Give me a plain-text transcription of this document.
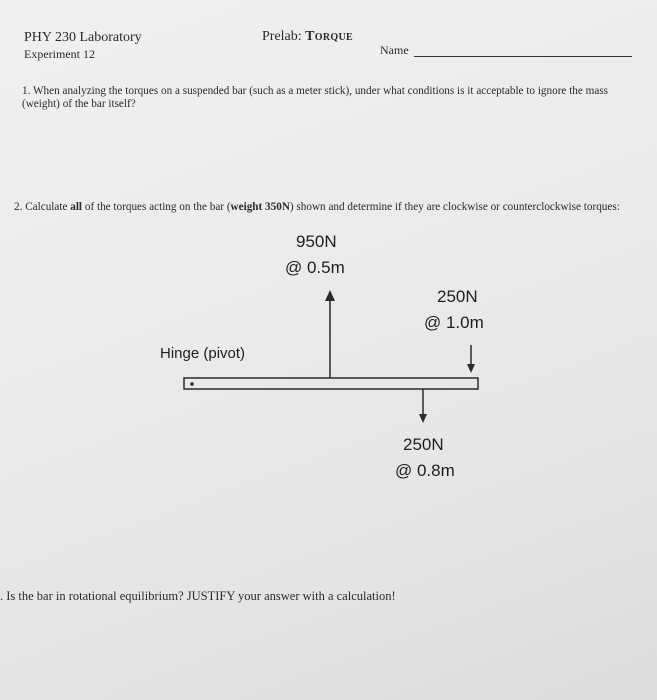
PHY 230 Laboratory
Experiment 12
Prelab: Torque
Name
1. When analyzing the torques on a suspended bar (such as a meter stick), under what conditions is it acceptable to ignore the mass (weight) of the bar itself?
2. Calculate all of the torques acting on the bar (weight 350N) shown and determine if they are clockwise or counterclockwise torques:
950N
@ 0.5m
250N
@ 1.0m
Hinge (pivot)
250N
@ 0.8m
. Is the bar in rotational equilibrium? JUSTIFY your answer with a calculation!
